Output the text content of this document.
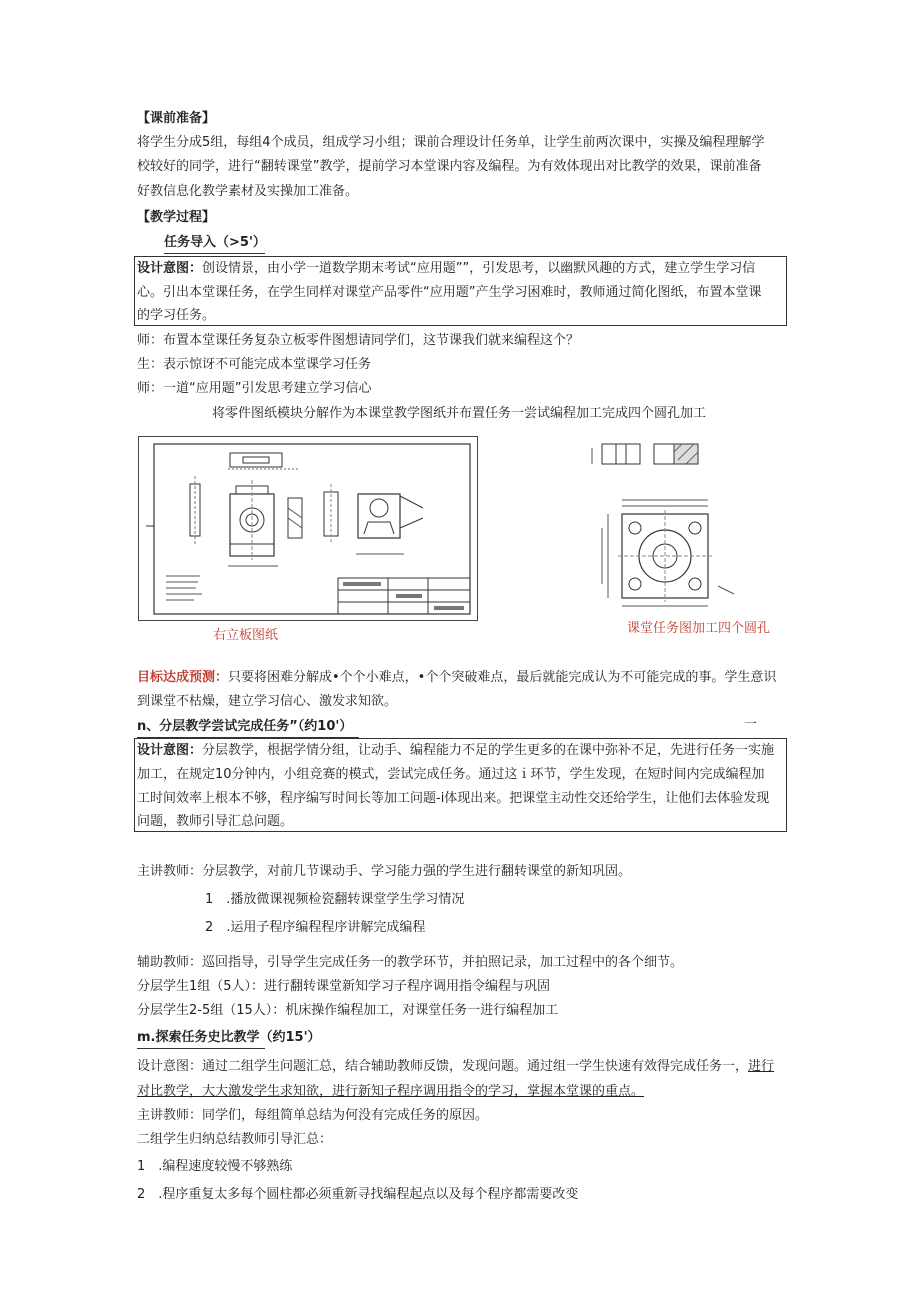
【课前准备】
将学生分成5组，每组4个成员，组成学习小组；课前合理设计任务单，让学生前两次课中，实操及编程理解学
校较好的同学，进行“翻转课堂”教学，提前学习本堂课内容及编程。为有效体现出对比教学的效果，课前准备
好教信息化教学素材及实操加工准备。
【教学过程】
任务导入（>5'）
设计意图：创设情景，由小学一道数学期末考试“应用题””，引发思考，以幽默风趣的方式，建立学生学习信
心。引出本堂课任务，在学生同样对课堂产品零件“应用题”产生学习困难时，教师通过简化图纸，布置本堂课
的学习任务。
师：布置本堂课任务复杂立板零件图想请同学们，这节课我们就来编程这个？
生：表示惊讶不可能完成本堂课学习任务
师：一道“应用题”引发思考建立学习信心
将零件图纸模块分解作为本课堂教学图纸并布置任务一尝试编程加工完成四个圆孔加工
右立板图纸	课堂任务图加工四个圆孔
目标达成预测：只要将困难分解成•个个小难点，•个个突破难点，最后就能完成认为不可能完成的事。学生意识
到课堂不枯燥，建立学习信心、激发求知欲。
n、分层教学尝试完成任务”（约10'）	一
设计意图：分层教学，根据学情分组，让动手、编程能力不足的学生更多的在课中弥补不足，先进行任务一实施
加工，在规定10分钟内，小组竞赛的模式，尝试完成任务。通过这ｉ环节，学生发现，在短时间内完成编程加
工时间效率上根本不够，程序编写时间长等加工问题-i体现出来。把课堂主动性交还给学生，让他们去体验发现
问题，教师引导汇总问题。
主讲教师：分层教学，对前几节课动手、学习能力强的学生进行翻转课堂的新知巩固。
1　.播放微课视频检瓷翻转课堂学生学习情况
2　.运用子程序编程程序讲解完成编程
辅助教师：巡回指导，引导学生完成任务一的教学环节，并拍照记录，加工过程中的各个细节。
分层学生1组（5人）：进行翻转课堂新知学习子程序调用指令编程与巩固
分层学生2-5组（15人）：机床操作编程加工，对课堂任务一进行编程加工
m.探索任务史比教学（约15'）
设计意图：通过二组学生问题汇总，结合辅助教师反馈，发现问题。通过组一学生快速有效得完成任务一，进行
对比教学，大大激发学生求知欲，进行新知子程序调用指令的学习，掌握本堂课的重点。
主讲教师：同学们，每组简单总结为何没有完成任务的原因。
二组学生归纳总结教师引导汇总：
1　.编程速度较慢不够熟练
2　.程序重复太多每个圆柱都必须重新寻找编程起点以及每个程序都需要改变
